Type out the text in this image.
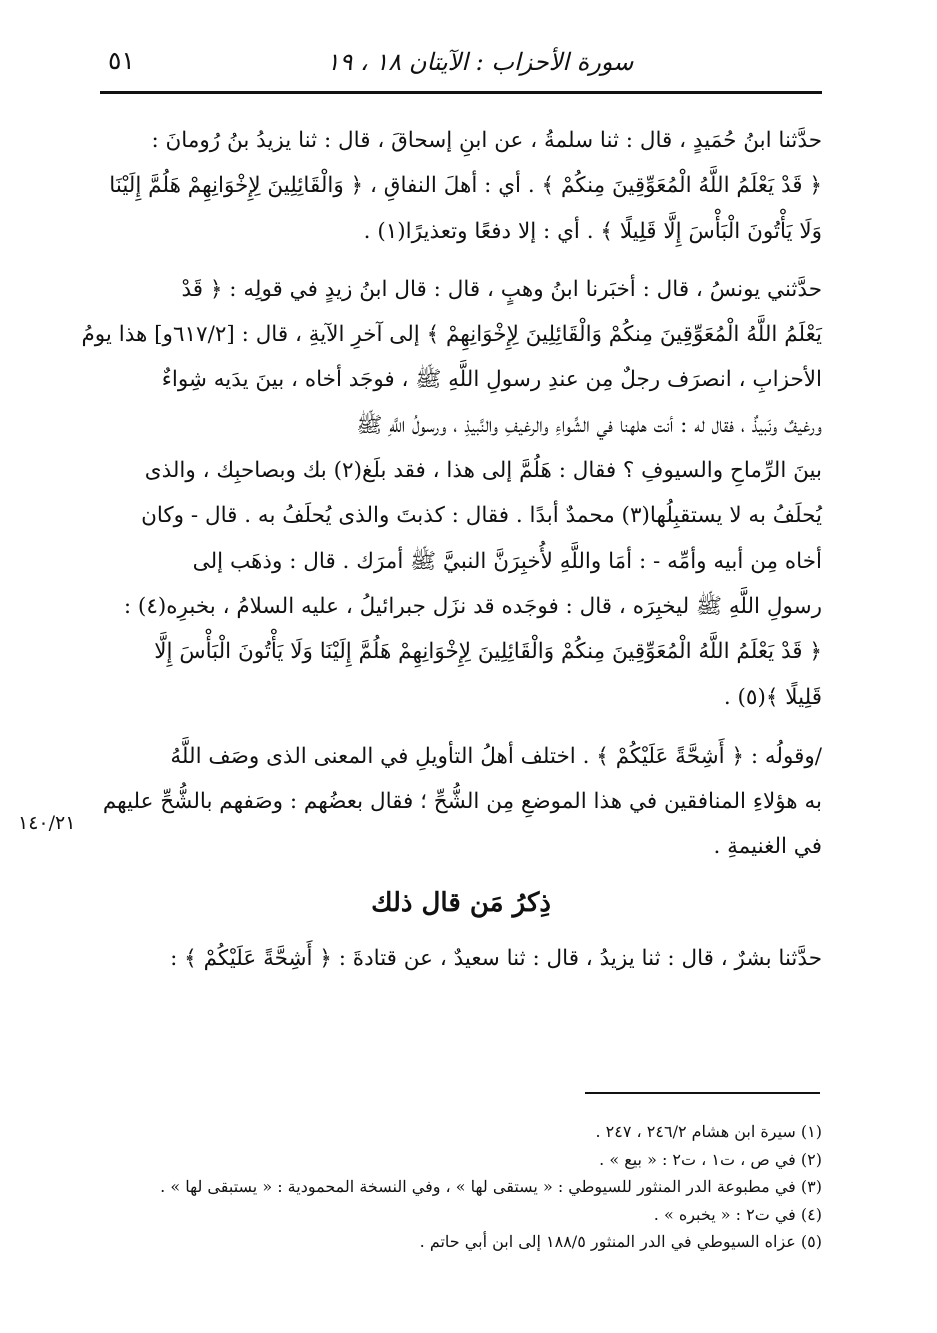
٥١	سورة الأحزاب : الآيتان ١٨ ، ١٩
حدَّثنا ابنُ حُمَيدٍ ، قال : ثنا سلمةُ ، عن ابنِ إسحاقَ ، قال : ثنا يزيدُ بنُ رُومانَ :
﴿ قَدْ يَعْلَمُ اللَّهُ الْمُعَوِّقِينَ مِنكُمْ ﴾ . أي : أهلَ النفاقِ ، ﴿ وَالْقَائِلِينَ لِإِخْوَانِهِمْ هَلُمَّ إِلَيْنَا
وَلَا يَأْتُونَ الْبَأْسَ إِلَّا قَلِيلًا ﴾ . أي : إلا دفعًا وتعذيرًا(١) .
حدَّثني يونسُ ، قال : أخبَرنا ابنُ وهبٍ ، قال : قال ابنُ زيدٍ في قولِه : ﴿ قَدْ
يَعْلَمُ اللَّهُ الْمُعَوِّقِينَ مِنكُمْ وَالْقَائِلِينَ لِإِخْوَانِهِمْ ﴾ إلى آخرِ الآيةِ ، قال : [٦١٧/٢و] هذا يومُ
الأحزابِ ، انصرَف رجلٌ مِن عندِ رسولِ اللَّهِ ﷺ ، فوجَد أخاه ، بينَ يدَيه شِواءٌ
ورغيفٌ ونَبيذٌ ، فقال له : أنت هلهنا في الشِّواءِ والرغيفِ والنَّبيذِ ، ورسولُ اللَّهِ ﷺ
بينَ الرِّماحِ والسيوفِ ؟ فقال : هَلُمَّ إلى هذا ، فقد بلَغ(٢) بك وبصاحبِك ، والذى
يُحلَفُ به لا يستقبِلُها(٣) محمدٌ أبدًا . فقال : كذبتَ والذى يُحلَفُ به . قال - وكان
أخاه مِن أبيه وأمِّه - : أمَا واللَّهِ لأُخبِرَنَّ النبيَّ ﷺ أمرَك . قال : وذهَب إلى
رسولِ اللَّهِ ﷺ ليخبِرَه ، قال : فوجَده قد نزَل جبرائيلُ ، عليه السلامُ ، بخبرِه(٤) :
﴿ قَدْ يَعْلَمُ اللَّهُ الْمُعَوِّقِينَ مِنكُمْ وَالْقَائِلِينَ لِإِخْوَانِهِمْ هَلُمَّ إِلَيْنَا وَلَا يَأْتُونَ الْبَأْسَ إِلَّا
قَلِيلًا ﴾(٥) .
/وقولُه : ﴿ أَشِحَّةً عَلَيْكُمْ ﴾ . اختلف أهلُ التأويلِ في المعنى الذى وصَف اللَّهُ
به هؤلاءِ المنافقين في هذا الموضعِ مِن الشُّحِّ ؛ فقال بعضُهم : وصَفهم بالشُّحِّ عليهم
في الغنيمةِ .
ذِكرُ مَن قال ذلك
حدَّثنا بشرٌ ، قال : ثنا يزيدُ ، قال : ثنا سعيدٌ ، عن قتادةَ : ﴿ أَشِحَّةً عَلَيْكُمْ ﴾ :
١٤٠/٢١
(١) سيرة ابن هشام ٢٤٦/٢ ، ٢٤٧ .
(٢) في ص ، ت١ ، ت٢ : « بيع » .
(٣) في مطبوعة الدر المنثور للسيوطي : « يستقى لها » ، وفي النسخة المحمودية : « يستبقى لها » .
(٤) في ت٢ : « يخبره » .
(٥) عزاه السيوطي في الدر المنثور ١٨٨/٥ إلى ابن أبي حاتم .
